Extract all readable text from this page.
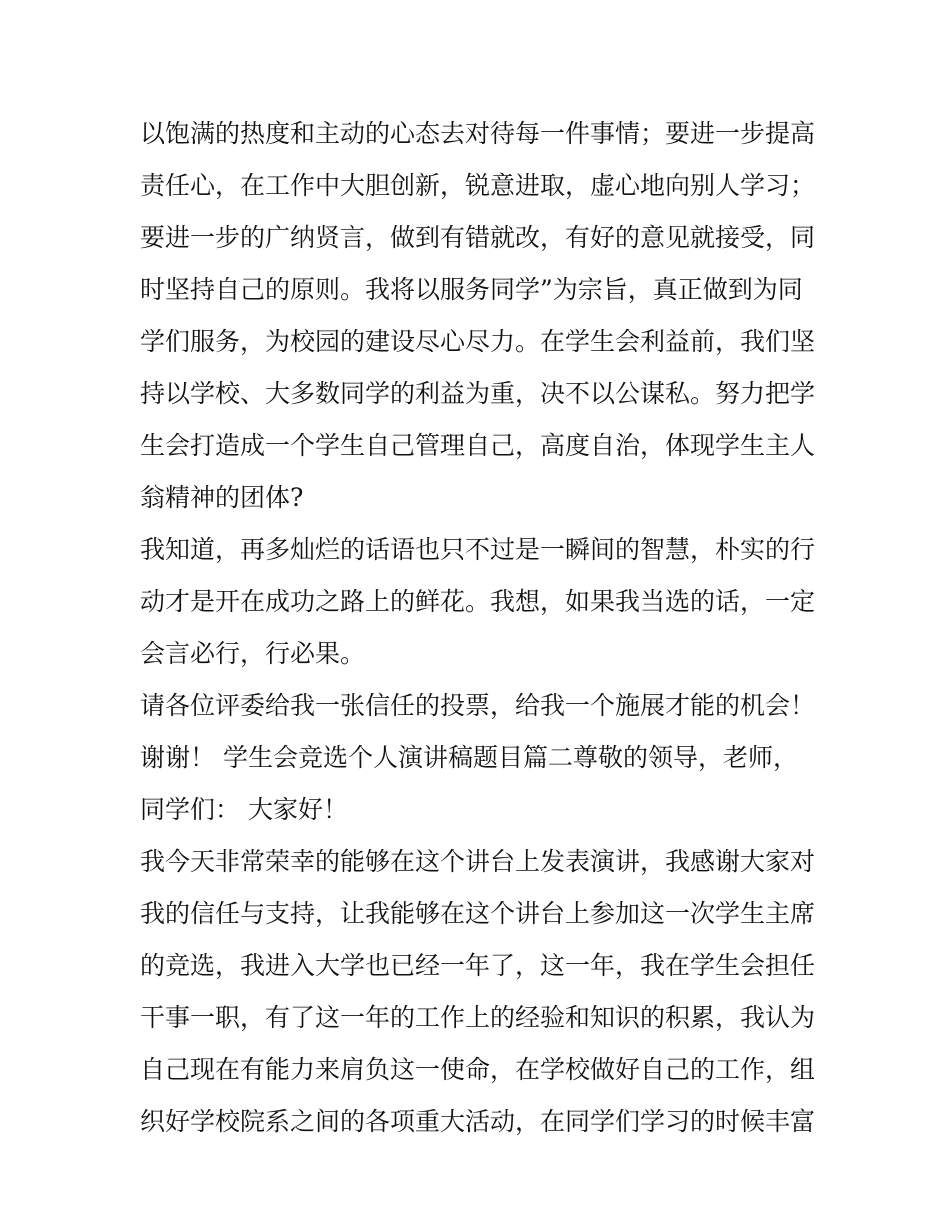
以饱满的热度和主动的心态去对待每一件事情；要进一步提高
责任心，在工作中大胆创新，锐意进取，虚心地向别人学习；
要进一步的广纳贤言，做到有错就改，有好的意见就接受，同
时坚持自己的原则。我将以服务同学”为宗旨，真正做到为同
学们服务，为校园的建设尽心尽力。在学生会利益前，我们坚
持以学校、大多数同学的利益为重，决不以公谋私。努力把学
生会打造成一个学生自己管理自己，高度自治，体现学生主人
翁精神的团体?
我知道，再多灿烂的话语也只不过是一瞬间的智慧，朴实的行
动才是开在成功之路上的鲜花。我想，如果我当选的话，一定
会言必行，行必果。
请各位评委给我一张信任的投票，给我一个施展才能的机会！
谢谢！ 学生会竞选个人演讲稿题目篇二尊敬的领导，老师，
同学们： 大家好！
我今天非常荣幸的能够在这个讲台上发表演讲，我感谢大家对
我的信任与支持，让我能够在这个讲台上参加这一次学生主席
的竞选，我进入大学也已经一年了，这一年，我在学生会担任
干事一职，有了这一年的工作上的经验和知识的积累，我认为
自己现在有能力来肩负这一使命，在学校做好自己的工作，组
织好学校院系之间的各项重大活动，在同学们学习的时候丰富
